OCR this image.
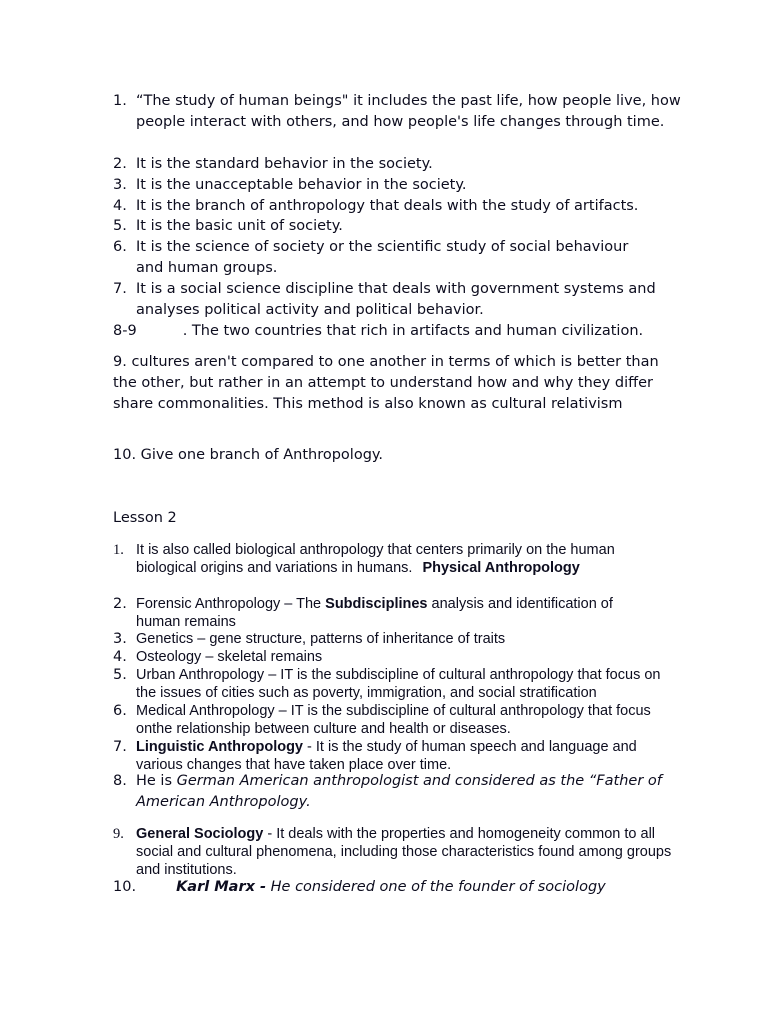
1. “The study of human beings" it includes the past life, how people live, how people interact with others, and how people's life changes through time.
2. It is the standard behavior in the society.
3. It is the unacceptable behavior in the society.
4. It is the branch of anthropology that deals with the study of artifacts.
5. It is the basic unit of society.
6. It is the science of society or the scientific study of social behaviour and human groups.
7. It is a social science discipline that deals with government systems and analyses political activity and political behavior.
8-9	. The two countries that rich in artifacts and human civilization.
9. cultures aren't compared to one another in terms of which is better than the other, but rather in an attempt to understand how and why they differ share commonalities. This method is also known as cultural relativism
10. Give one branch of Anthropology.
Lesson 2
1. It is also called biological anthropology that centers primarily on the human biological origins and variations in humans. Physical Anthropology
2. Forensic Anthropology – The Subdisciplines analysis and identification of human remains
3. Genetics – gene structure, patterns of inheritance of traits
4. Osteology – skeletal remains
5. Urban Anthropology – IT is the subdiscipline of cultural anthropology that focus on the issues of cities such as poverty, immigration, and social stratification
6. Medical Anthropology – IT is the subdiscipline of cultural anthropology that focus onthe relationship between culture and health or diseases.
7. Linguistic Anthropology - It is the study of human speech and language and various changes that have taken place over time.
8. He is German American anthropologist and considered as the “Father of American Anthropology.
9. General Sociology - It deals with the properties and homogeneity common to all social and cultural phenomena, including those characteristics found among groups and institutions.
10.	Karl Marx - He considered one of the founder of sociology
